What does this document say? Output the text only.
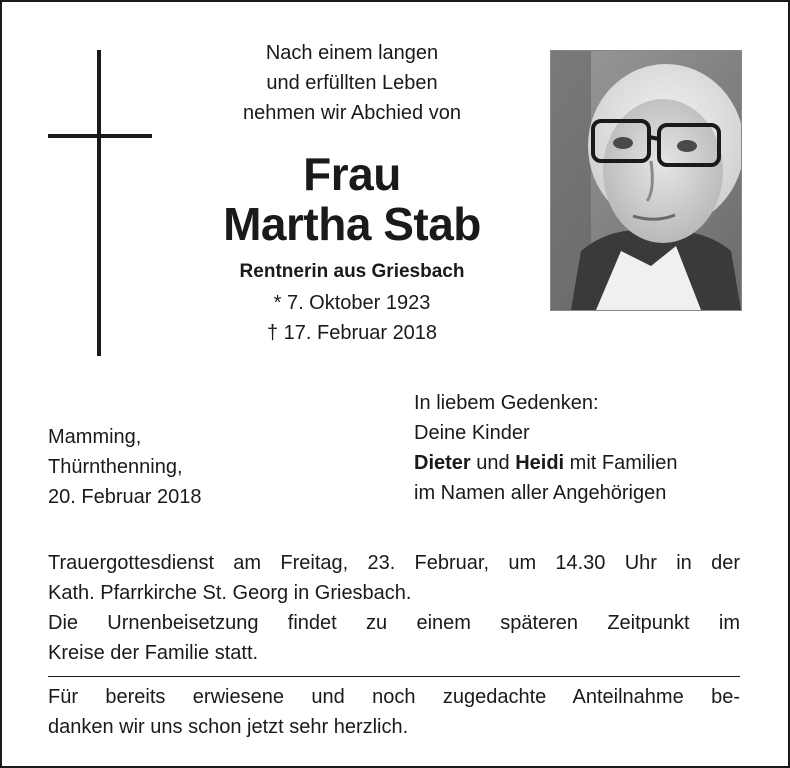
Nach einem langen
und erfüllten Leben
nehmen wir Abchied von
Frau
Martha Stab
Rentnerin aus Griesbach
* 7. Oktober 1923
† 17. Februar 2018
Mamming,
Thürnthenning,
20. Februar 2018
In liebem Gedenken:
Deine Kinder
Dieter und Heidi mit Familien
im Namen aller Angehörigen
Trauergottesdienst am Freitag, 23. Februar, um 14.30 Uhr in der
Kath. Pfarrkirche St. Georg in Griesbach.
Die Urnenbeisetzung findet zu einem späteren Zeitpunkt im
Kreise der Familie statt.
Für bereits erwiesene und noch zugedachte Anteilnahme be-
danken wir uns schon jetzt sehr herzlich.
